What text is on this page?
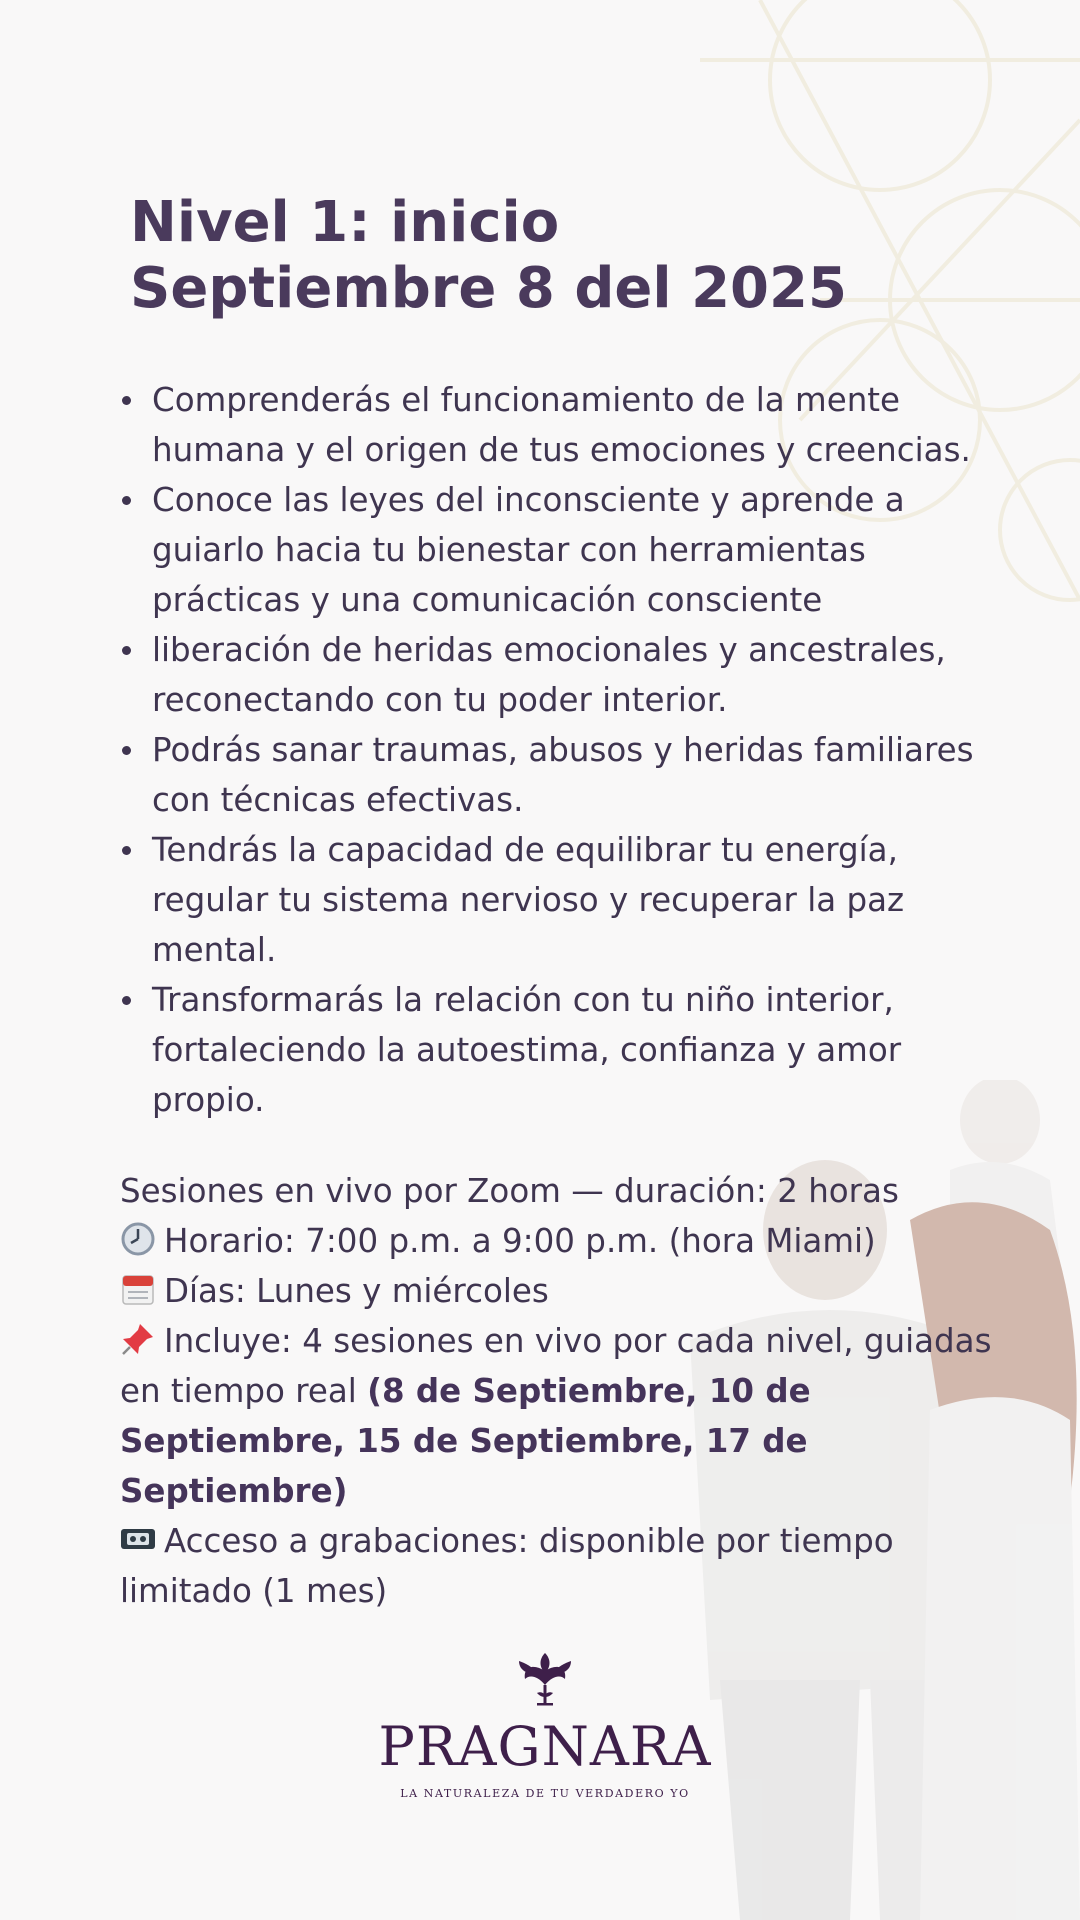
Nivel 1: inicio
Septiembre 8 del 2025
Comprenderás el funcionamiento de la mente humana y el origen de tus emociones y creencias.
Conoce las leyes del inconsciente y aprende a guiarlo hacia tu bienestar con herramientas prácticas y una comunicación consciente
liberación de heridas emocionales y ancestrales, reconectando con tu poder interior.
Podrás sanar traumas, abusos y heridas familiares con técnicas efectivas.
Tendrás la capacidad de equilibrar tu energía, regular tu sistema nervioso y recuperar la paz mental.
Transformarás la relación con tu niño interior, fortaleciendo la autoestima, confianza y amor propio.

Sesiones en vivo por Zoom — duración: 2 horas

Horario: 7:00 p.m. a 9:00 p.m. (hora Miami)

Días: Lunes y miércoles

Incluye: 4 sesiones en vivo por cada nivel, guiadas en tiempo real (8 de Septiembre, 10 de Septiembre, 15 de Septiembre, 17 de Septiembre)

Acceso a grabaciones: disponible por tiempo limitado (1 mes)

PRAGNARA
LA NATURALEZA DE TU VERDADERO YO
